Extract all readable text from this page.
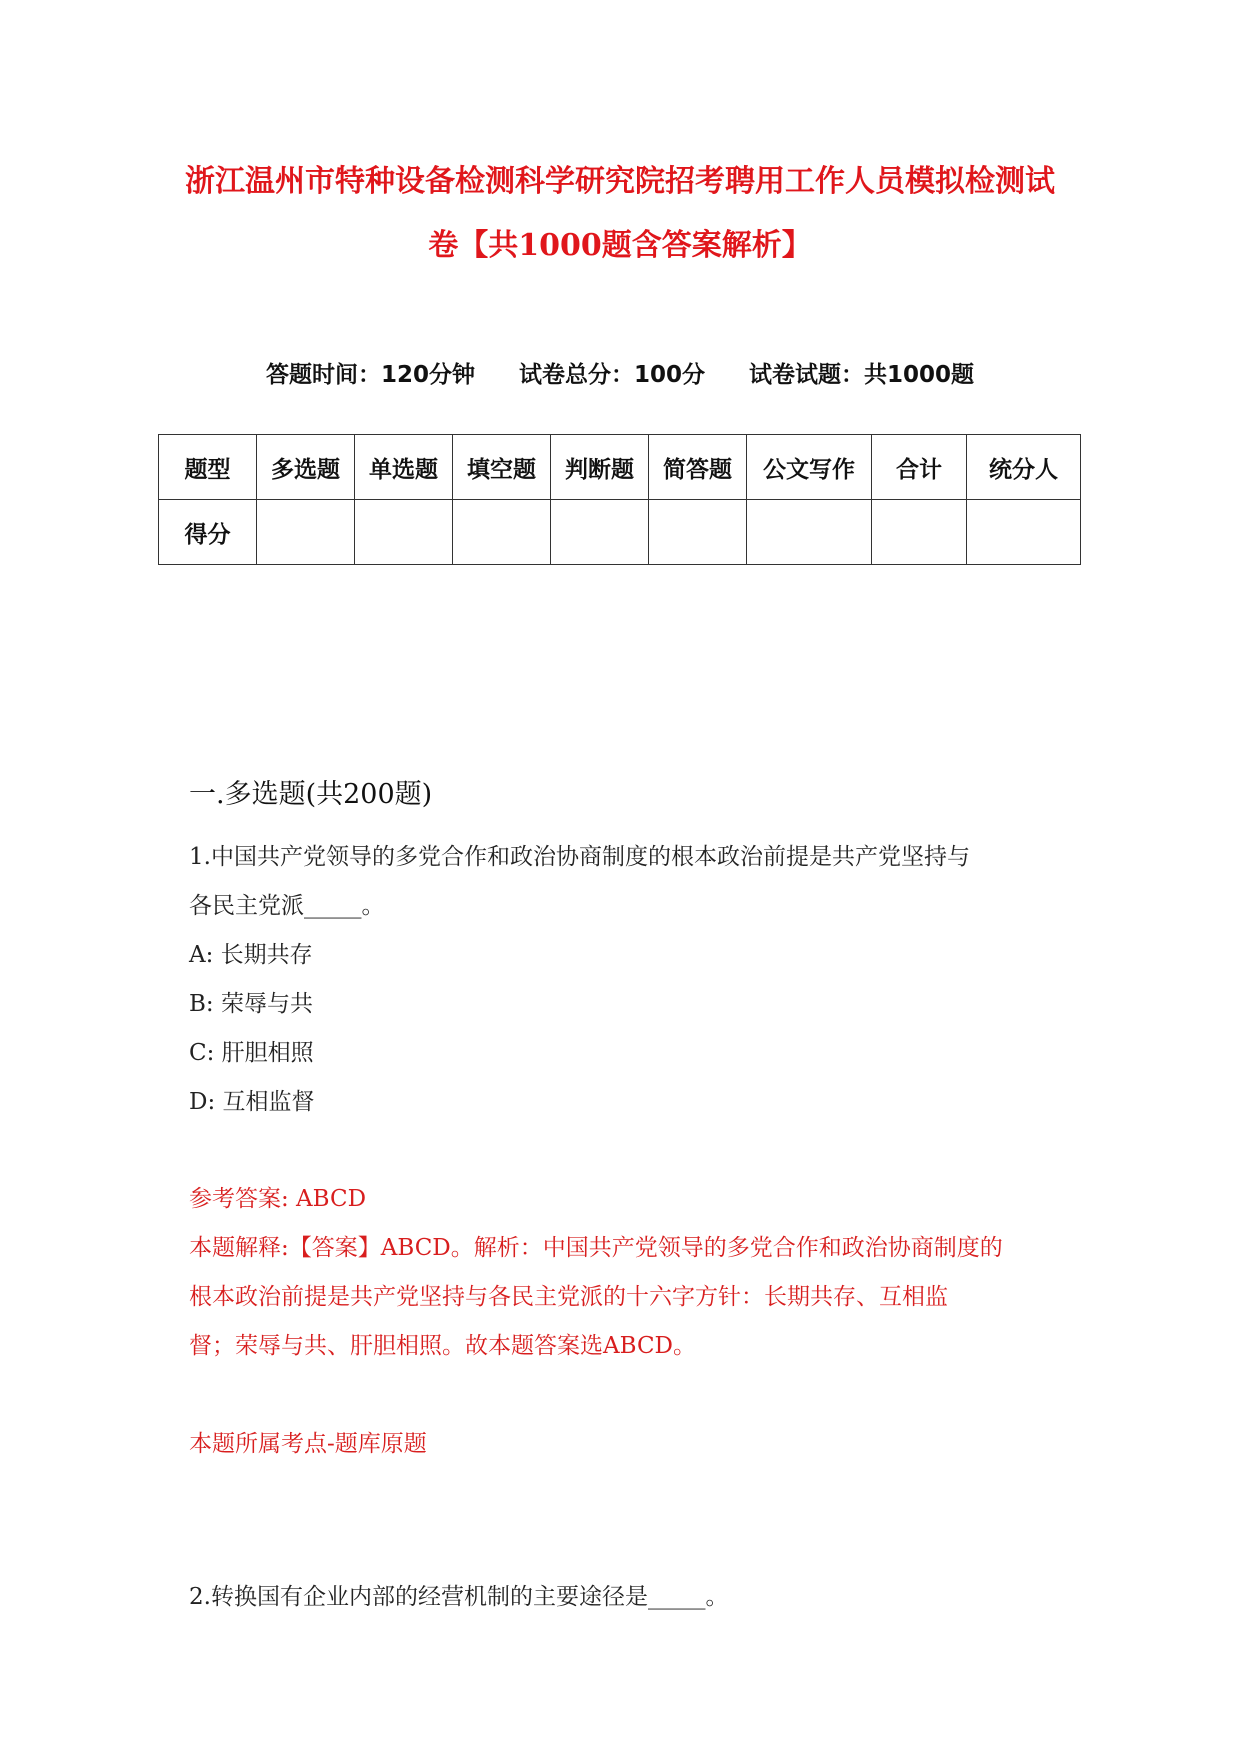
浙江温州市特种设备检测科学研究院招考聘用工作人员模拟检测试
卷【共1000题含答案解析】
答题时间：120分钟 试卷总分：100分 试卷试题：共1000题
题型	多选题	单选题	填空题	判断题	简答题	公文写作	合计	统分人
得分								
一.多选题(共200题)
1.中国共产党领导的多党合作和政治协商制度的根本政治前提是共产党坚持与
各民主党派_____。
A: 长期共存
B: 荣辱与共
C: 肝胆相照
D: 互相监督
参考答案: ABCD
本题解释:【答案】ABCD。解析：中国共产党领导的多党合作和政治协商制度的
根本政治前提是共产党坚持与各民主党派的十六字方针：长期共存、互相监
督；荣辱与共、肝胆相照。故本题答案选ABCD。
本题所属考点-题库原题
2.转换国有企业内部的经营机制的主要途径是_____。
